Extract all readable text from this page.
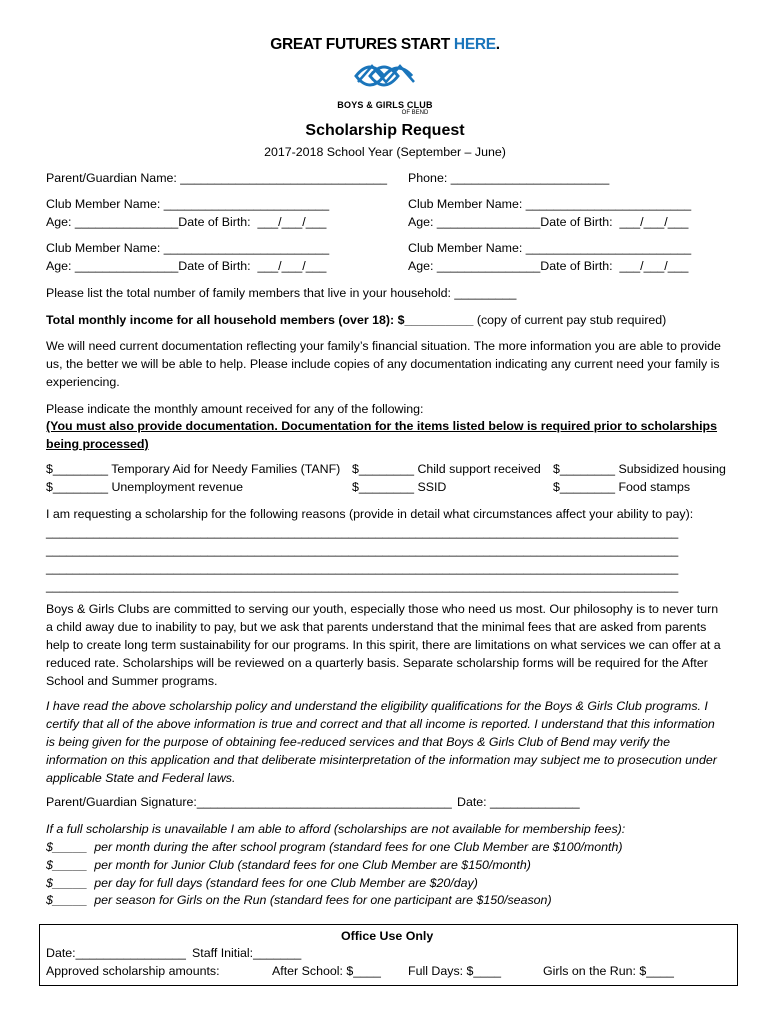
GREAT FUTURES START HERE.
BOYS & GIRLS CLUB
OF BEND
Scholarship Request
2017-2018 School Year (September – June)
Parent/Guardian Name: ______________________________ Phone: _______________________
Club Member Name: ________________________	Club Member Name: ________________________
Age: _______________Date of Birth:  ___/___/___	Age: _______________Date of Birth:  ___/___/___
Club Member Name: ________________________	Club Member Name: ________________________
Age: _______________Date of Birth:  ___/___/___	Age: _______________Date of Birth:  ___/___/___
Please list the total number of family members that live in your household: _________
Total monthly income for all household members (over 18): $__________ (copy of current pay stub required)
We will need current documentation reflecting your family’s financial situation. The more information you are able to provide us, the better we will be able to help. Please include copies of any documentation indicating any current need your family is experiencing.
Please indicate the monthly amount received for any of the following:
(You must also provide documentation. Documentation for the items listed below is required prior to scholarships being processed)
$________ Temporary Aid for Needy Families (TANF) $________ Child support received $________ Subsidized housing
$________ Unemployment revenue	$________ SSID	$________ Food stamps
I am requesting a scholarship for the following reasons (provide in detail what circumstances affect your ability to pay):
______________________________________________________________________________________________
______________________________________________________________________________________________
______________________________________________________________________________________________
______________________________________________________________________________________________
Boys & Girls Clubs are committed to serving our youth, especially those who need us most. Our philosophy is to never turn a child away due to inability to pay, but we ask that parents understand that the minimal fees that are asked from parents help to create long term sustainability for our programs. In this spirit, there are limitations on what services we can offer at a reduced rate. Scholarships will be reviewed on a quarterly basis. Separate scholarship forms will be required for the After School and Summer programs.
I have read the above scholarship policy and understand the eligibility qualifications for the Boys & Girls Club programs. I certify that all of the above information is true and correct and that all income is reported. I understand that this information is being given for the purpose of obtaining fee-reduced services and that Boys & Girls Club of Bend may verify the information on this application and that deliberate misinterpretation of the information may subject me to prosecution under applicable State and Federal laws.
Parent/Guardian Signature:_____________________________________ Date: _____________
If a full scholarship is unavailable I am able to afford (scholarships are not available for membership fees):
$_____  per month during the after school program (standard fees for one Club Member are $100/month)
$_____  per month for Junior Club (standard fees for one Club Member are $150/month)
$_____  per day for full days (standard fees for one Club Member are $20/day)
$_____  per season for Girls on the Run (standard fees for one participant are $150/season)
Office Use Only
Date:________________ Staff Initial:_______
Approved scholarship amounts:	After School: $____ Full Days: $____	Girls on the Run: $____
